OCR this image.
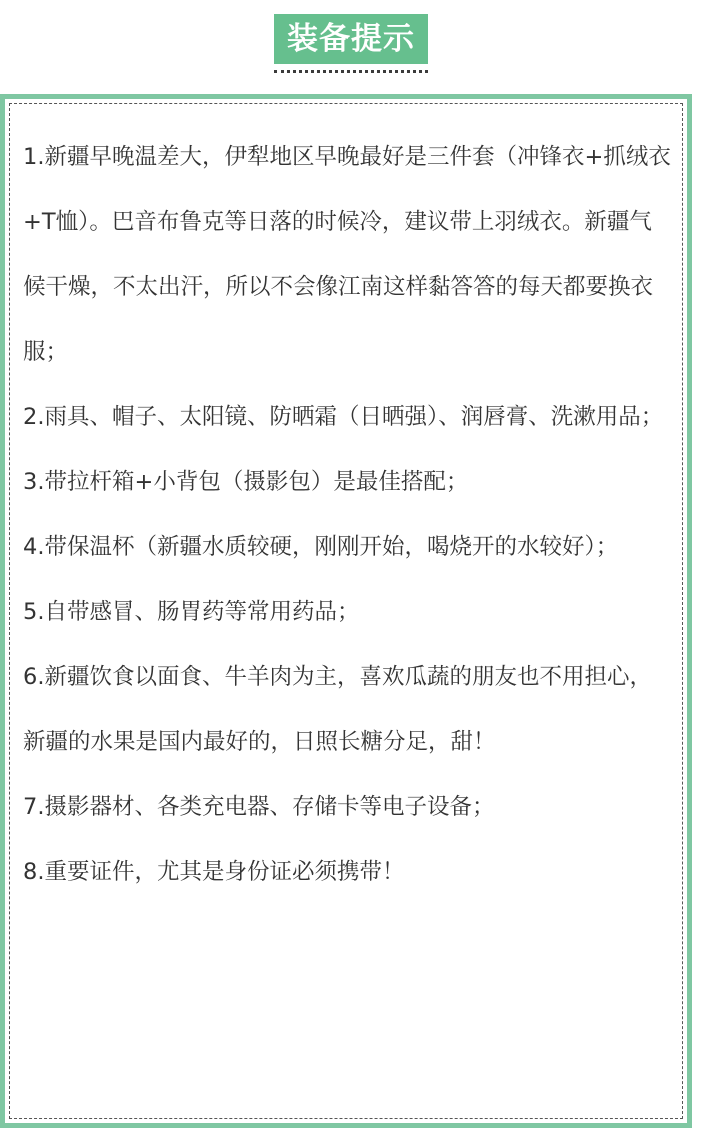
装备提示
1.新疆早晚温差大，伊犁地区早晚最好是三件套（冲锋衣+抓绒衣+T恤）。巴音布鲁克等日落的时候冷，建议带上羽绒衣。新疆气候干燥，不太出汗，所以不会像江南这样黏答答的每天都要换衣服；
2.雨具、帽子、太阳镜、防晒霜（日晒强）、润唇膏、洗漱用品；
3.带拉杆箱+小背包（摄影包）是最佳搭配；
4.带保温杯（新疆水质较硬，刚刚开始，喝烧开的水较好）；
5.自带感冒、肠胃药等常用药品；
6.新疆饮食以面食、牛羊肉为主，喜欢瓜蔬的朋友也不用担心，新疆的水果是国内最好的，日照长糖分足，甜！
7.摄影器材、各类充电器、存储卡等电子设备；
8.重要证件，尤其是身份证必须携带！
